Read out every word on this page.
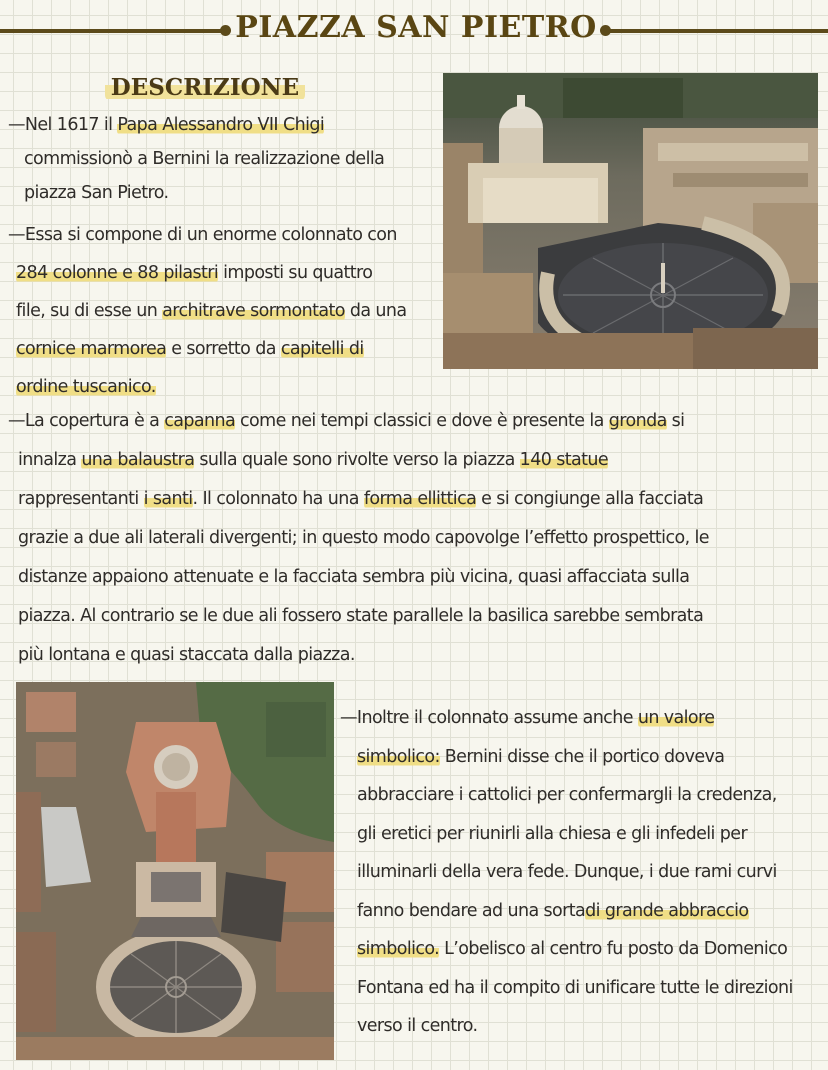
PIAZZA SAN PIETRO
DESCRIZIONE
—Nel 1617 il Papa Alessandro VII Chigi
commissionò a Bernini la realizzazione della
piazza San Pietro.
—Essa si compone di un enorme colonnato con
284 colonne e 88 pilastri imposti su quattro
file, su di esse un architrave sormontato da una
cornice marmorea e sorretto da capitelli di
ordine tuscanico.
—La copertura è a capanna come nei tempi classici e dove è presente la gronda si
innalza una balaustra sulla quale sono rivolte verso la piazza 140 statue
rappresentanti i santi. Il colonnato ha una forma ellittica e si congiunge alla facciata
grazie a due ali laterali divergenti; in questo modo capovolge l’effetto prospettico, le
distanze appaiono attenuate e la facciata sembra più vicina, quasi affacciata sulla
piazza. Al contrario se le due ali fossero state parallele la basilica sarebbe sembrata
più lontana e quasi staccata dalla piazza.
—Inoltre il colonnato assume anche un valore
simbolico: Bernini disse che il portico doveva
abbracciare i cattolici per confermargli la credenza,
gli eretici per riunirli alla chiesa e gli infedeli per
illuminarli della vera fede. Dunque, i due rami curvi
fanno bendare ad una sortadi grande abbraccio
simbolico. L’obelisco al centro fu posto da Domenico
Fontana ed ha il compito di unificare tutte le direzioni
verso il centro.
